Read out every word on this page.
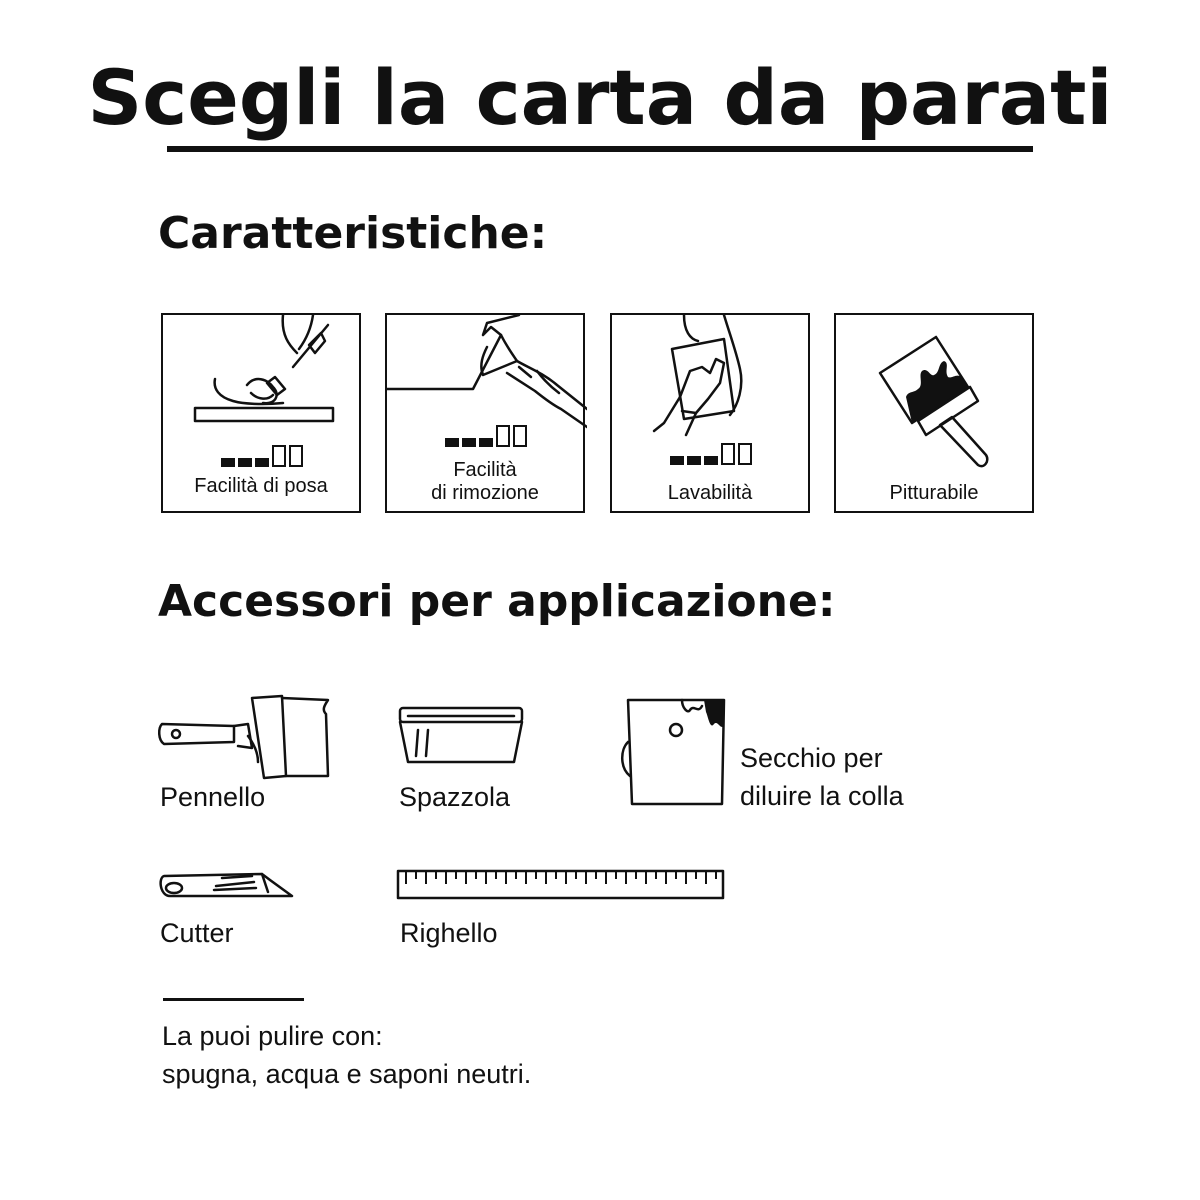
Scegli la carta da parati
Caratteristiche:
Facilità di posa
Facilità
di rimozione	Lavabilità	Pitturabile
Accessori per applicazione:
Pennello	Spazzola
Secchio per
diluire la colla
Cutter	Righello
La puoi pulire con:
spugna, acqua e saponi neutri.
